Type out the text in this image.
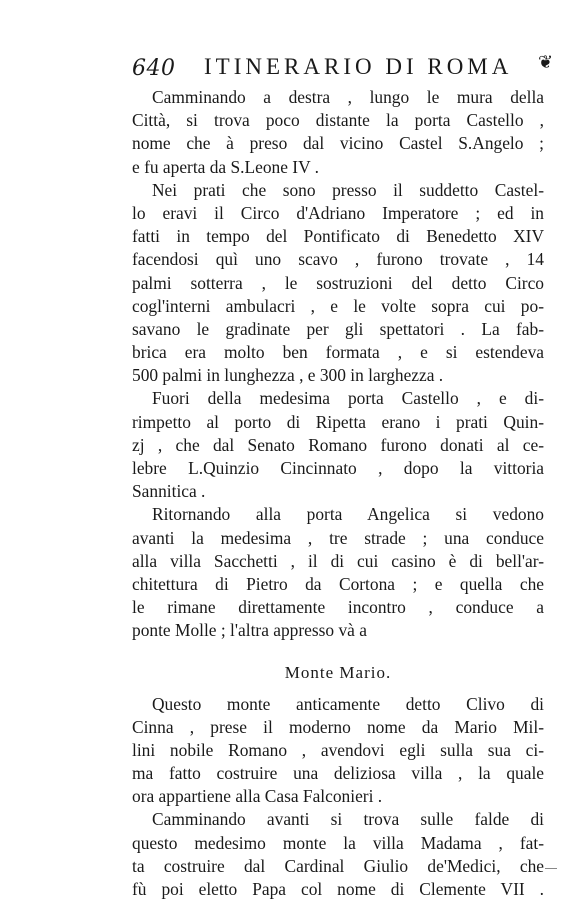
640 ITINERARIO DI ROMA ❦
Camminando a destra , lungo le mura della
Città, si trova poco distante la porta Castello ,
nome che à preso dal vicino Castel S.Angelo ;
e fu aperta da S.Leone IV .
Nei prati che sono presso il suddetto Castel-
lo eravi il Circo d'Adriano Imperatore ; ed in
fatti in tempo del Pontificato di Benedetto XIV
facendosi quì uno scavo , furono trovate , 14
palmi sotterra , le sostruzioni del detto Circo
cogl'interni ambulacri , e le volte sopra cui po-
savano le gradinate per gli spettatori . La fab-
brica era molto ben formata , e si estendeva
500 palmi in lunghezza , e 300 in larghezza .
Fuori della medesima porta Castello , e di-
rimpetto al porto di Ripetta erano i prati Quin-
zj , che dal Senato Romano furono donati al ce-
lebre L.Quinzio Cincinnato , dopo la vittoria
Sannitica .
Ritornando alla porta Angelica si vedono
avanti la medesima , tre strade ; una conduce
alla villa Sacchetti , il di cui casino è di bell'ar-
chitettura di Pietro da Cortona ; e quella che
le rimane direttamente incontro , conduce a
ponte Molle ; l'altra appresso và a
Monte Mario.
Questo monte anticamente detto Clivo di
Cinna , prese il moderno nome da Mario Mil-
lini nobile Romano , avendovi egli sulla sua ci-
ma fatto costruire una deliziosa villa , la quale
ora appartiene alla Casa Falconieri .
Camminando avanti si trova sulle falde di
questo medesimo monte la villa Madama , fat-
ta costruire dal Cardinal Giulio de'Medici, che
fù poi eletto Papa col nome di Clemente VII .
